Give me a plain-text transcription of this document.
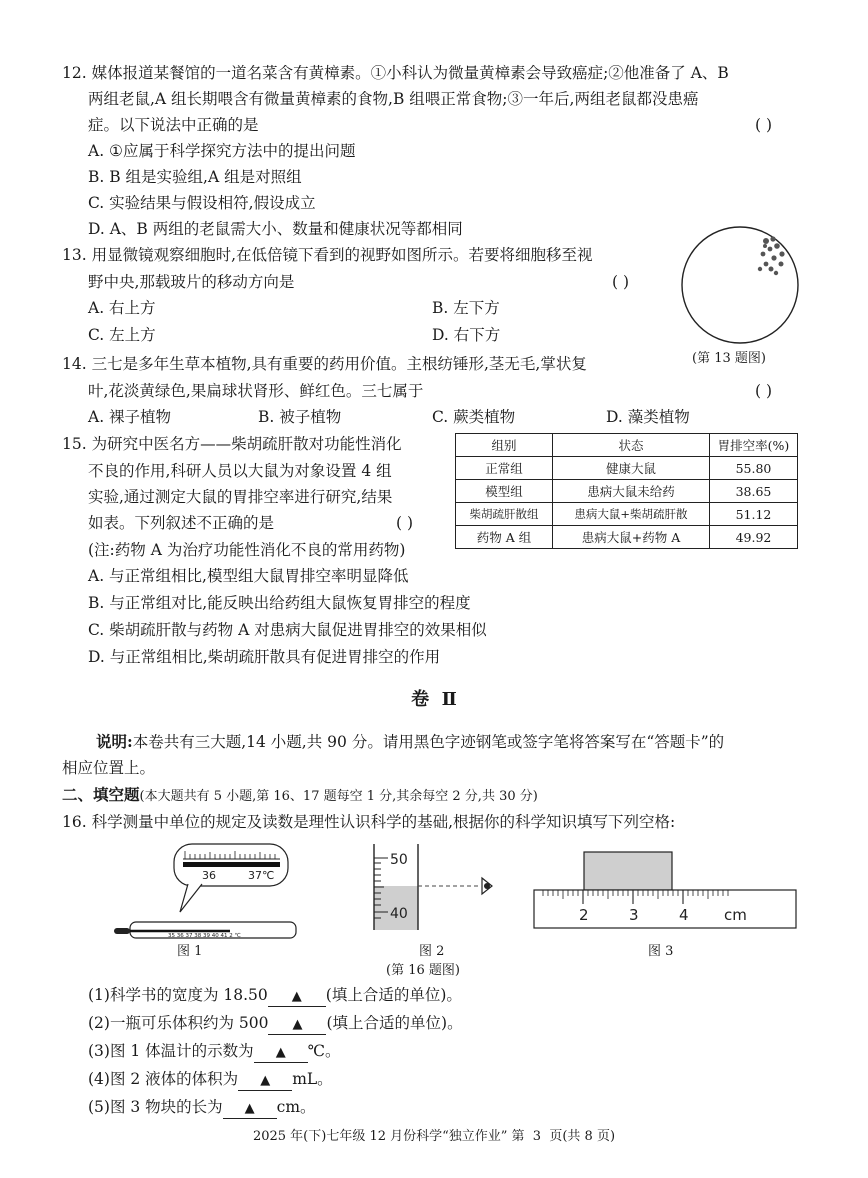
12. 媒体报道某餐馆的一道名菜含有黄樟素。①小科认为微量黄樟素会导致癌症;②他准备了 A、B
两组老鼠,A 组长期喂含有微量黄樟素的食物,B 组喂正常食物;③一年后,两组老鼠都没患癌
症。以下说法中正确的是	( )
A. ①应属于科学探究方法中的提出问题
B. B 组是实验组,A 组是对照组
C. 实验结果与假设相符,假设成立
D. A、B 两组的老鼠需大小、数量和健康状况等都相同
13. 用显微镜观察细胞时,在低倍镜下看到的视野如图所示。若要将细胞移至视
野中央,那载玻片的移动方向是	( )
A. 右上方	B. 左下方
C. 左上方	D. 右下方
(第 13 题图)
14. 三七是多年生草本植物,具有重要的药用价值。主根纺锤形,茎无毛,掌状复
叶,花淡黄绿色,果扁球状肾形、鲜红色。三七属于	( )
A. 裸子植物	B. 被子植物	C. 蕨类植物	D. 藻类植物
15. 为研究中医名方——柴胡疏肝散对功能性消化
不良的作用,科研人员以大鼠为对象设置 4 组
实验,通过测定大鼠的胃排空率进行研究,结果
如表。下列叙述不正确的是	( )
(注:药物 A 为治疗功能性消化不良的常用药物)
组别	状态	胃排空率(%)
正常组	健康大鼠	55.80
模型组	患病大鼠未给药	38.65
柴胡疏肝散组	患病大鼠+柴胡疏肝散	51.12
药物 A 组	患病大鼠+药物 A	49.92
A. 与正常组相比,模型组大鼠胃排空率明显降低
B. 与正常组对比,能反映出给药组大鼠恢复胃排空的程度
C. 柴胡疏肝散与药物 A 对患病大鼠促进胃排空的效果相似
D. 与正常组相比,柴胡疏肝散具有促进胃排空的作用
卷  Ⅱ
说明:本卷共有三大题,14 小题,共 90 分。请用黑色字迹钢笔或签字笔将答案写在“答题卡”的
相应位置上。
二、填空题(本大题共有 5 小题,第 16、17 题每空 1 分,其余每空 2 分,共 30 分)
16. 科学测量中单位的规定及读数是理性认识科学的基础,根据你的科学知识填写下列空格:
36	37℃
35 36 37 38 39 40 41 2 ℃
图 1
50
40
图 2
2	3	4 cm
图 3
(第 16 题图)
(1)科学书的宽度为 18.50 ▲ (填上合适的单位)。
(2)一瓶可乐体积约为 500 ▲ (填上合适的单位)。
(3)图 1 体温计的示数为 ▲ ℃。
(4)图 2 液体的体积为 ▲ mL。
(5)图 3 物块的长为 ▲ cm。
2025 年(下)七年级 12 月份科学“独立作业” 第  3  页(共 8 页)
